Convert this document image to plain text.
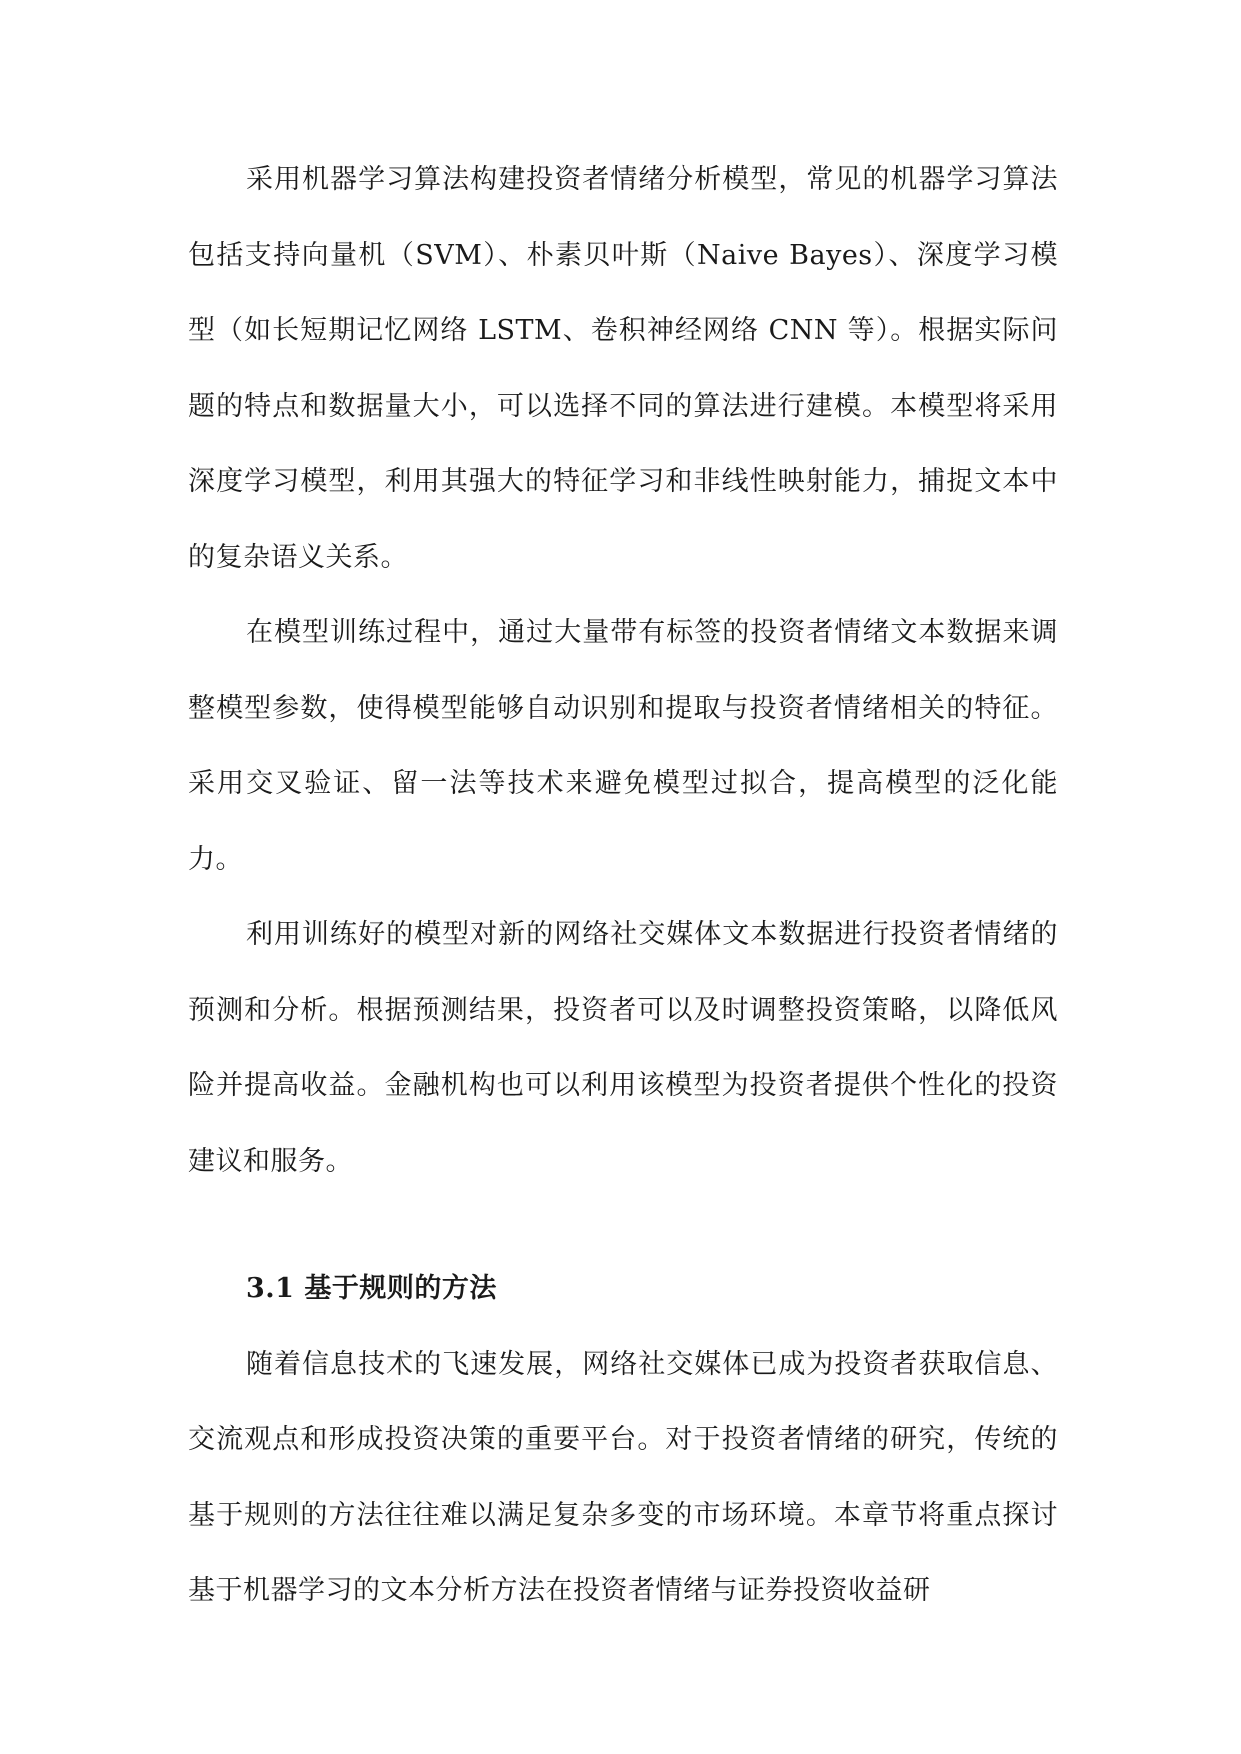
采用机器学习算法构建投资者情绪分析模型，常见的机器学习算法包括支持向量机（SVM）、朴素贝叶斯（Naive Bayes）、深度学习模型（如长短期记忆网络 LSTM、卷积神经网络 CNN 等）。根据实际问题的特点和数据量大小，可以选择不同的算法进行建模。本模型将采用深度学习模型，利用其强大的特征学习和非线性映射能力，捕捉文本中的复杂语义关系。

在模型训练过程中，通过大量带有标签的投资者情绪文本数据来调整模型参数，使得模型能够自动识别和提取与投资者情绪相关的特征。采用交叉验证、留一法等技术来避免模型过拟合，提高模型的泛化能力。

利用训练好的模型对新的网络社交媒体文本数据进行投资者情绪的预测和分析。根据预测结果，投资者可以及时调整投资策略，以降低风险并提高收益。金融机构也可以利用该模型为投资者提供个性化的投资建议和服务。

3.1 基于规则的方法

随着信息技术的飞速发展，网络社交媒体已成为投资者获取信息、交流观点和形成投资决策的重要平台。对于投资者情绪的研究，传统的基于规则的方法往往难以满足复杂多变的市场环境。本章节将重点探讨基于机器学习的文本分析方法在投资者情绪与证券投资收益研
